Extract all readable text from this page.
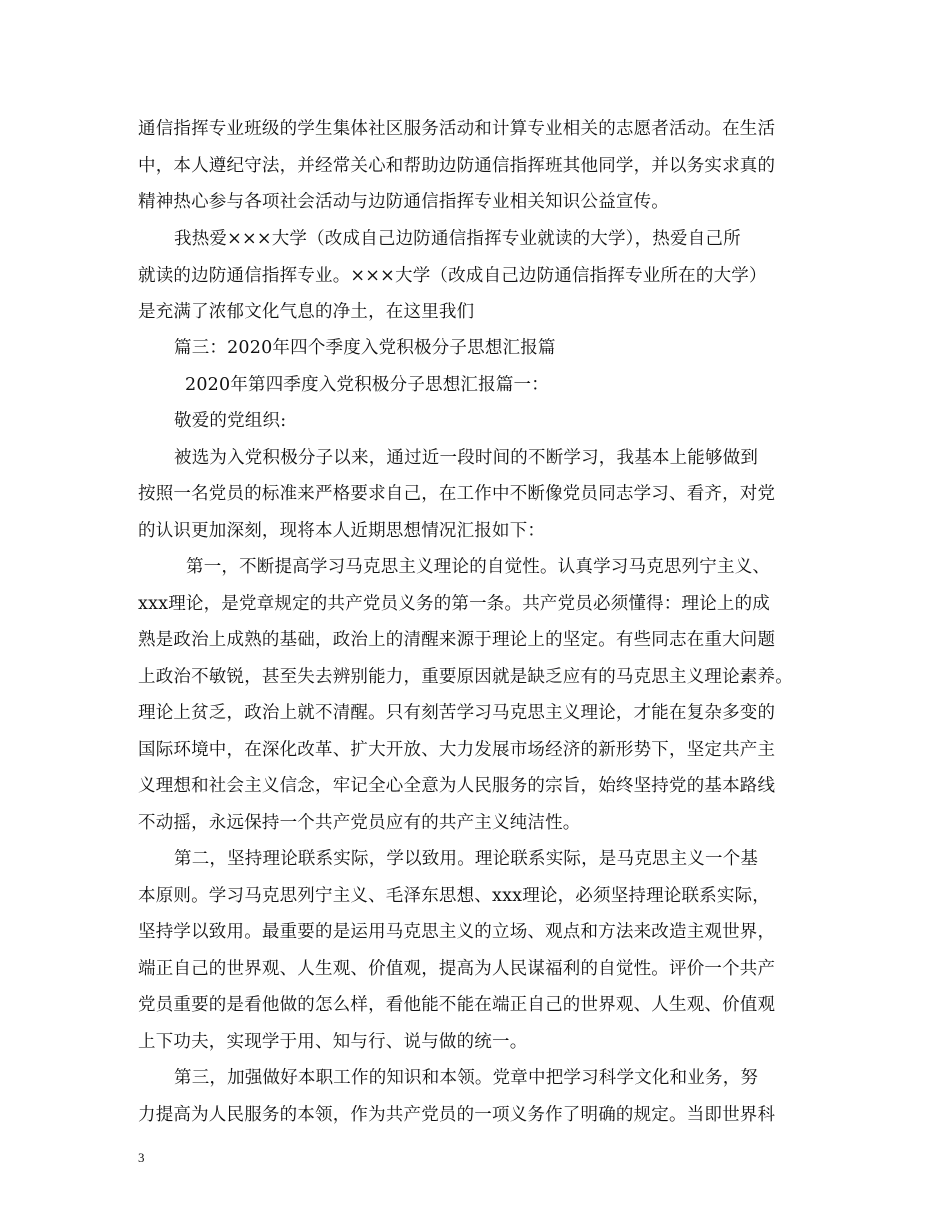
通信指挥专业班级的学生集体社区服务活动和计算专业相关的志愿者活动。在生活
中，本人遵纪守法，并经常关心和帮助边防通信指挥班其他同学，并以务实求真的
精神热心参与各项社会活动与边防通信指挥专业相关知识公益宣传。
我热爱×××大学（改成自己边防通信指挥专业就读的大学），热爱自己所
就读的边防通信指挥专业。×××大学（改成自己边防通信指挥专业所在的大学）
是充满了浓郁文化气息的净土，在这里我们
篇三：2020年四个季度入党积极分子思想汇报篇
2020年第四季度入党积极分子思想汇报篇一：
敬爱的党组织:
被选为入党积极分子以来，通过近一段时间的不断学习，我基本上能够做到
按照一名党员的标准来严格要求自己，在工作中不断像党员同志学习、看齐，对党
的认识更加深刻，现将本人近期思想情况汇报如下：
第一，不断提高学习马克思主义理论的自觉性。认真学习马克思列宁主义、
xxx理论，是党章规定的共产党员义务的第一条。共产党员必须懂得：理论上的成
熟是政治上成熟的基础，政治上的清醒来源于理论上的坚定。有些同志在重大问题
上政治不敏锐，甚至失去辨别能力，重要原因就是缺乏应有的马克思主义理论素养。
理论上贫乏，政治上就不清醒。只有刻苦学习马克思主义理论，才能在复杂多变的
国际环境中，在深化改革、扩大开放、大力发展市场经济的新形势下，坚定共产主
义理想和社会主义信念，牢记全心全意为人民服务的宗旨，始终坚持党的基本路线
不动摇，永远保持一个共产党员应有的共产主义纯洁性。
第二，坚持理论联系实际，学以致用。理论联系实际，是马克思主义一个基
本原则。学习马克思列宁主义、毛泽东思想、xxx理论，必须坚持理论联系实际，
坚持学以致用。最重要的是运用马克思主义的立场、观点和方法来改造主观世界，
端正自己的世界观、人生观、价值观，提高为人民谋福利的自觉性。评价一个共产
党员重要的是看他做的怎么样，看他能不能在端正自己的世界观、人生观、价值观
上下功夫，实现学于用、知与行、说与做的统一。
第三，加强做好本职工作的知识和本领。党章中把学习科学文化和业务，努
力提高为人民服务的本领，作为共产党员的一项义务作了明确的规定。当即世界科
3
